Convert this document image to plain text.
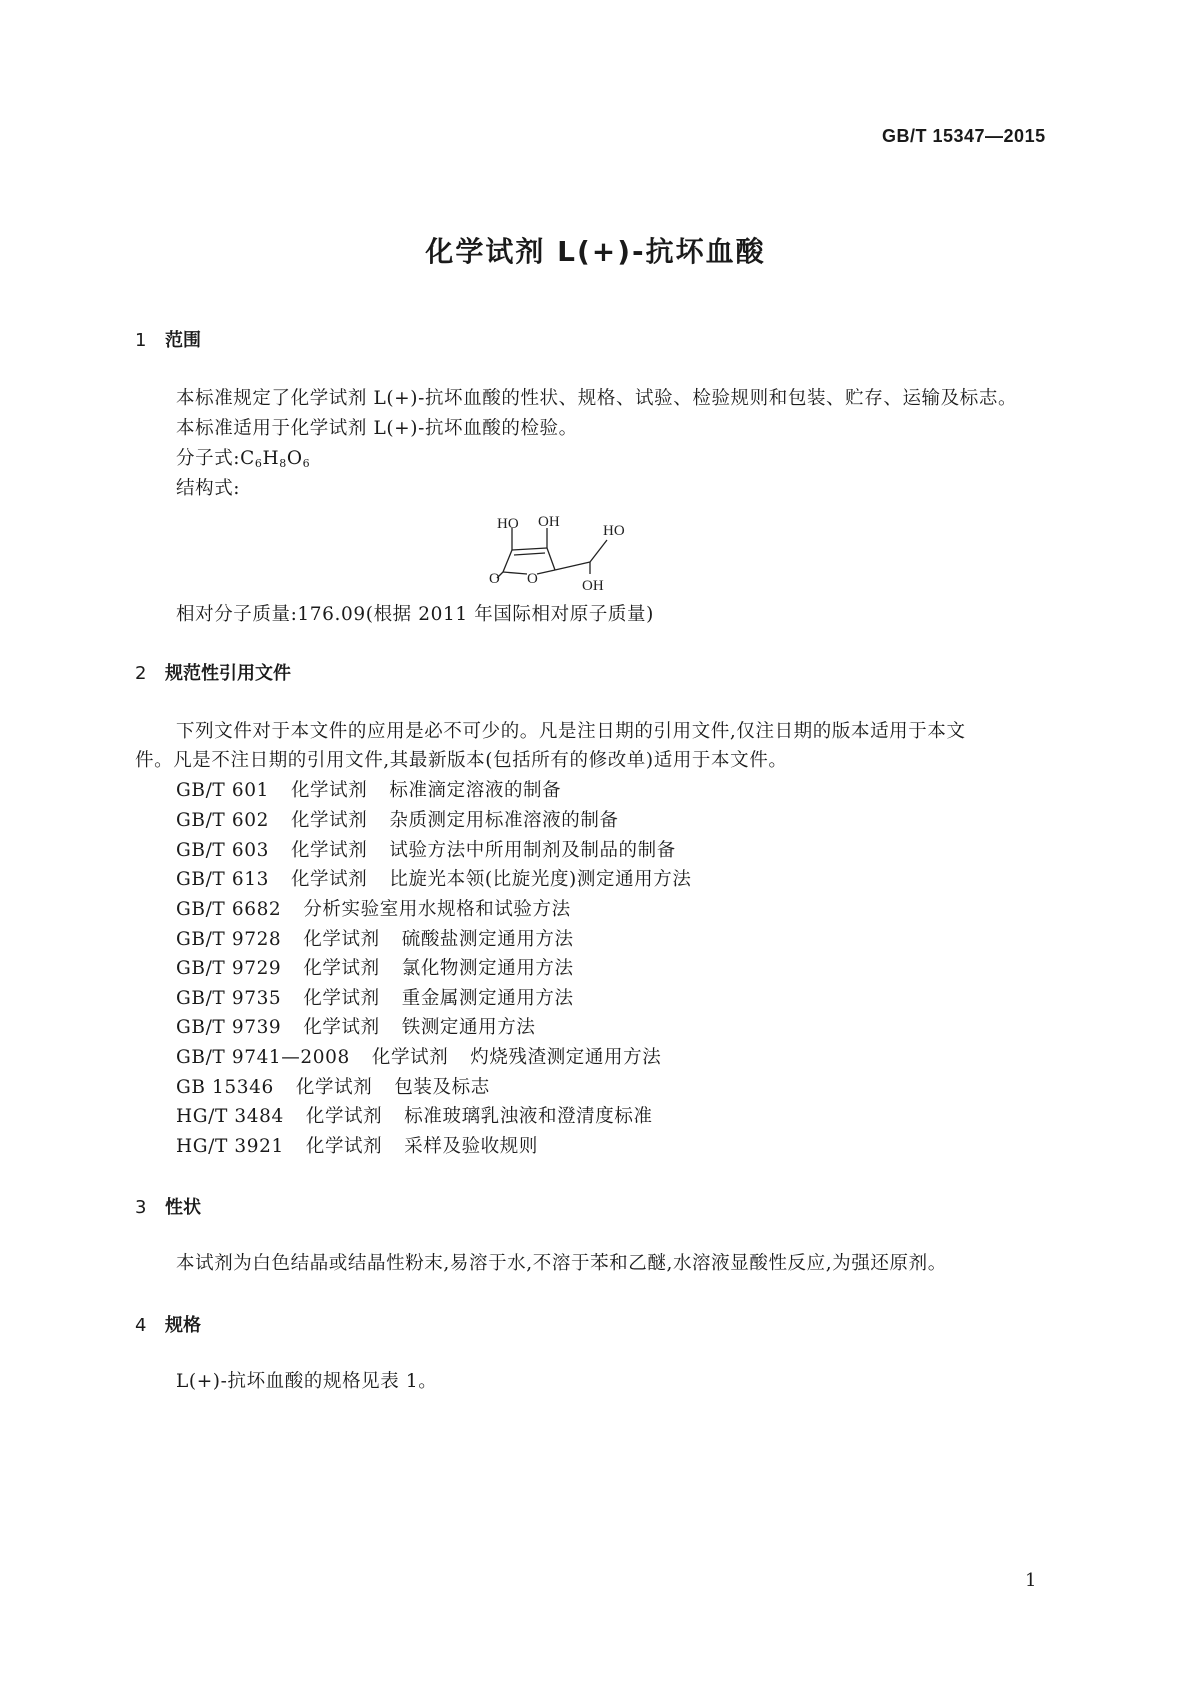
GB/T 15347—2015
化学试剂 L(+)-抗坏血酸
1 范围
本标准规定了化学试剂 L(+)-抗坏血酸的性状、规格、试验、检验规则和包装、贮存、运输及标志。
本标准适用于化学试剂 L(+)-抗坏血酸的检验。
分子式$:C_6H_8O_6$
结构式:
HO OH
HO
O O	OH
相对分子质量:176.09(根据 2011 年国际相对原子质量)
2 规范性引用文件
下列文件对于本文件的应用是必不可少的。凡是注日期的引用文件,仅注日期的版本适用于本文
件。凡是不注日期的引用文件,其最新版本(包括所有的修改单)适用于本文件。
GB/T 601 化学试剂 标准滴定溶液的制备
GB/T 602 化学试剂 杂质测定用标准溶液的制备
GB/T 603 化学试剂 试验方法中所用制剂及制品的制备
GB/T 613 化学试剂 比旋光本领(比旋光度)测定通用方法
GB/T 6682 分析实验室用水规格和试验方法
GB/T 9728 化学试剂 硫酸盐测定通用方法
GB/T 9729 化学试剂 氯化物测定通用方法
GB/T 9735 化学试剂 重金属测定通用方法
GB/T 9739 化学试剂 铁测定通用方法
GB/T 9741—2008 化学试剂 灼烧残渣测定通用方法
GB 15346 化学试剂 包装及标志
HG/T 3484 化学试剂 标准玻璃乳浊液和澄清度标准
HG/T 3921 化学试剂 采样及验收规则
3 性状
本试剂为白色结晶或结晶性粉末,易溶于水,不溶于苯和乙醚,水溶液显酸性反应,为强还原剂。
4 规格
L(+)-抗坏血酸的规格见表 1。
1
